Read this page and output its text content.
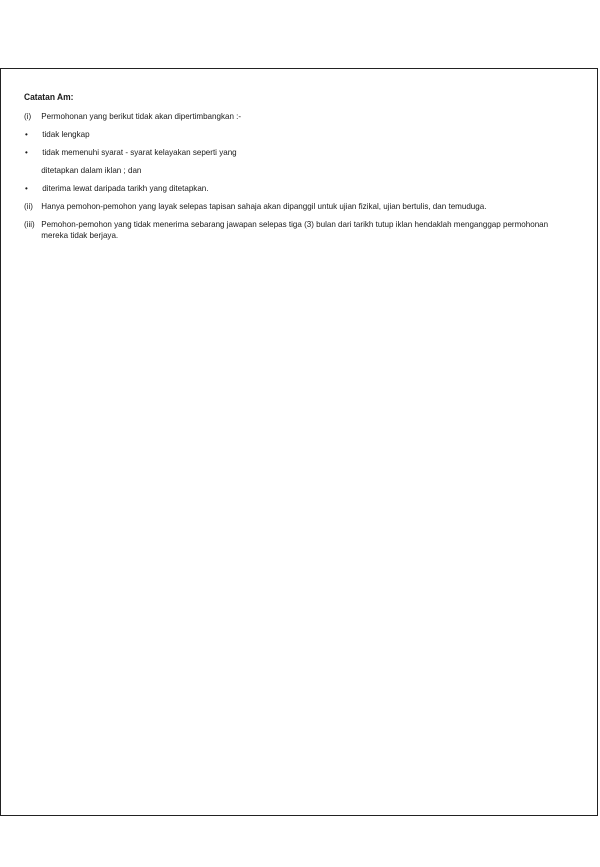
Catatan Am:
(i)	Permohonan yang berikut tidak akan dipertimbangkan :-
•	tidak lengkap
•	tidak memenuhi syarat - syarat kelayakan seperti yang
ditetapkan dalam iklan ; dan
•	diterima lewat daripada tarikh yang ditetapkan.
(ii) Hanya pemohon-pemohon yang layak selepas tapisan sahaja akan dipanggil untuk ujian fizikal, ujian bertulis, dan temuduga.
(iii) Pemohon-pemohon yang tidak menerima sebarang jawapan selepas tiga (3) bulan dari tarikh tutup iklan hendaklah menganggap permohonan mereka tidak berjaya.
